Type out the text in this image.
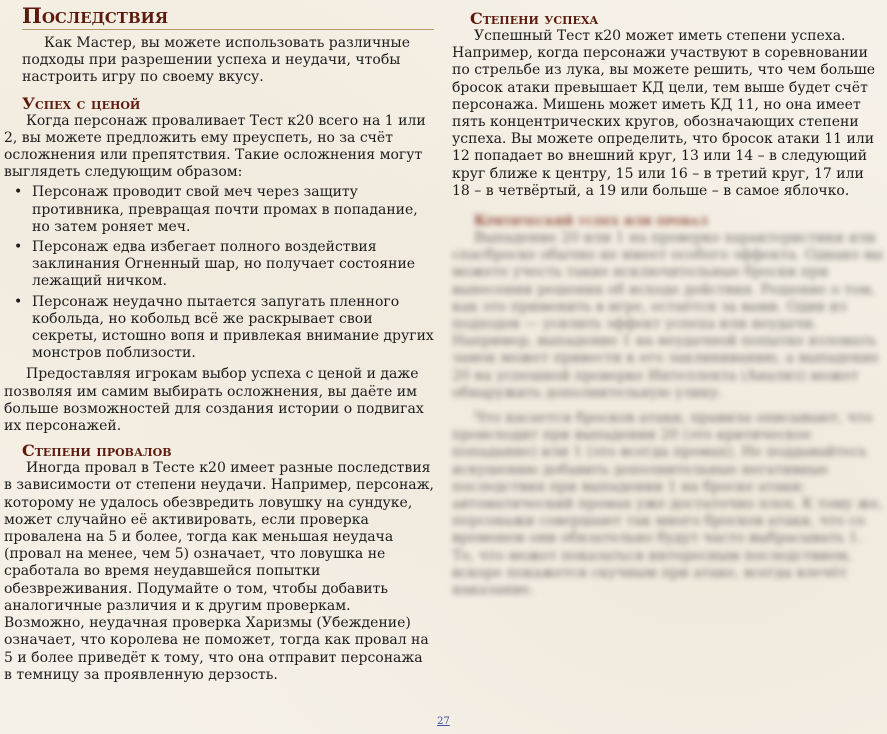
Последствия

Как Мастер, вы можете использовать различные подходы при разрешении успеха и неудачи, чтобы настроить игру по своему вкусу.

Успех с ценой

Когда персонаж проваливает Тест к20 всего на 1 или 2, вы можете предложить ему преуспеть, но за счёт осложнения или препятствия. Такие осложнения могут выглядеть следующим образом:

• Персонаж проводит свой меч через защиту противника, превращая почти промах в попадание, но затем роняет меч.
• Персонаж едва избегает полного воздействия заклинания Огненный шар, но получает состояние лежащий ничком.
• Персонаж неудачно пытается запугать пленного кобольда, но кобольд всё же раскрывает свои секреты, истошно вопя и привлекая внимание других монстров поблизости.

Предоставляя игрокам выбор успеха с ценой и даже позволяя им самим выбирать осложнения, вы даёте им больше возможностей для создания истории о подвигах их персонажей.

Степени провалов

Иногда провал в Тесте к20 имеет разные последствия в зависимости от степени неудачи. Например, персонаж, которому не удалось обезвредить ловушку на сундуке, может случайно её активировать, если проверка провалена на 5 и более, тогда как меньшая неудача (провал на менее, чем 5) означает, что ловушка не сработала во время неудавшейся попытки обезвреживания. Подумайте о том, чтобы добавить аналогичные различия и к другим проверкам. Возможно, неудачная проверка Харизмы (Убеждение) означает, что королева не поможет, тогда как провал на 5 и более приведёт к тому, что она отправит персонажа в темницу за проявленную дерзость.

Степени успеха

Успешный Тест к20 может иметь степени успеха. Например, когда персонажи участвуют в соревновании по стрельбе из лука, вы можете решить, что чем больше бросок атаки превышает КД цели, тем выше будет счёт персонажа. Мишень может иметь КД 11, но она имеет пять концентрических кругов, обозначающих степени успеха. Вы можете определить, что бросок атаки 11 или 12 попадает во внешний круг, 13 или 14 – в следующий круг ближе к центру, 15 или 16 – в третий круг, 17 или 18 – в четвёртый, а 19 или больше – в самое яблочко.

Критический успех или провал

Выпадение 20 или 1 на проверке характеристики или спасброске обычно не имеет особого эффекта. Однако вы можете учесть такие исключительные броски при вынесении решения об исходе действия. Решение о том, как это применить в игре, остаётся за вами. Один из подходов — усилить эффект успеха или неудачи. Например, выпадение 1 на неудачной попытке взломать замок может привести к его заклиниванию, а выпадение 20 на успешной проверке Интеллекта (Анализ) может обнаружить дополнительную улику.

Что касается бросков атаки, правила описывают, что происходит при выпадении 20 (это критическое попадание) или 1 (это всегда промах). Не поддавайтесь искушению добавить дополнительные негативные последствия при выпадении 1 на броске атаки: автоматический промах уже достаточно плох. К тому же, персонажи совершают так много бросков атаки, что со временем они обязательно будут часто выбрасывать 1. То, что может показаться интересным последствием, вскоре покажется скучным при атаке, всегда влечёт наказание.

27
